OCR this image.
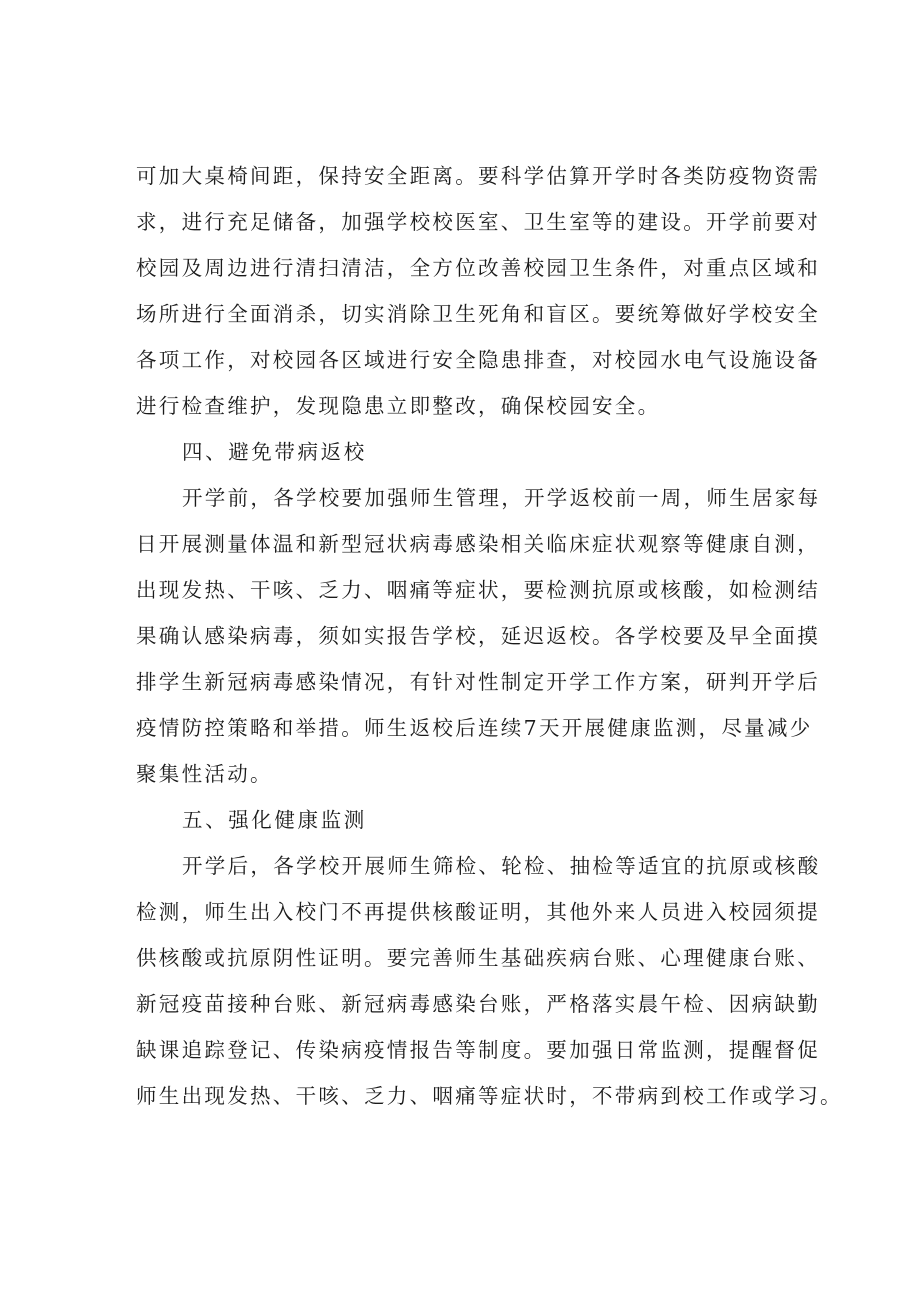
可加大桌椅间距，保持安全距离。要科学估算开学时各类防疫物资需
求，进行充足储备，加强学校校医室、卫生室等的建设。开学前要对
校园及周边进行清扫清洁，全方位改善校园卫生条件，对重点区域和
场所进行全面消杀，切实消除卫生死角和盲区。要统筹做好学校安全
各项工作，对校园各区域进行安全隐患排查，对校园水电气设施设备
进行检查维护，发现隐患立即整改，确保校园安全。
四、避免带病返校
开学前，各学校要加强师生管理，开学返校前一周，师生居家每
日开展测量体温和新型冠状病毒感染相关临床症状观察等健康自测，
出现发热、干咳、乏力、咽痛等症状，要检测抗原或核酸，如检测结
果确认感染病毒，须如实报告学校，延迟返校。各学校要及早全面摸
排学生新冠病毒感染情况，有针对性制定开学工作方案，研判开学后
疫情防控策略和举措。师生返校后连续7天开展健康监测，尽量减少
聚集性活动。
五、强化健康监测
开学后，各学校开展师生筛检、轮检、抽检等适宜的抗原或核酸
检测，师生出入校门不再提供核酸证明，其他外来人员进入校园须提
供核酸或抗原阴性证明。要完善师生基础疾病台账、心理健康台账、
新冠疫苗接种台账、新冠病毒感染台账，严格落实晨午检、因病缺勤
缺课追踪登记、传染病疫情报告等制度。要加强日常监测，提醒督促
师生出现发热、干咳、乏力、咽痛等症状时，不带病到校工作或学习。
